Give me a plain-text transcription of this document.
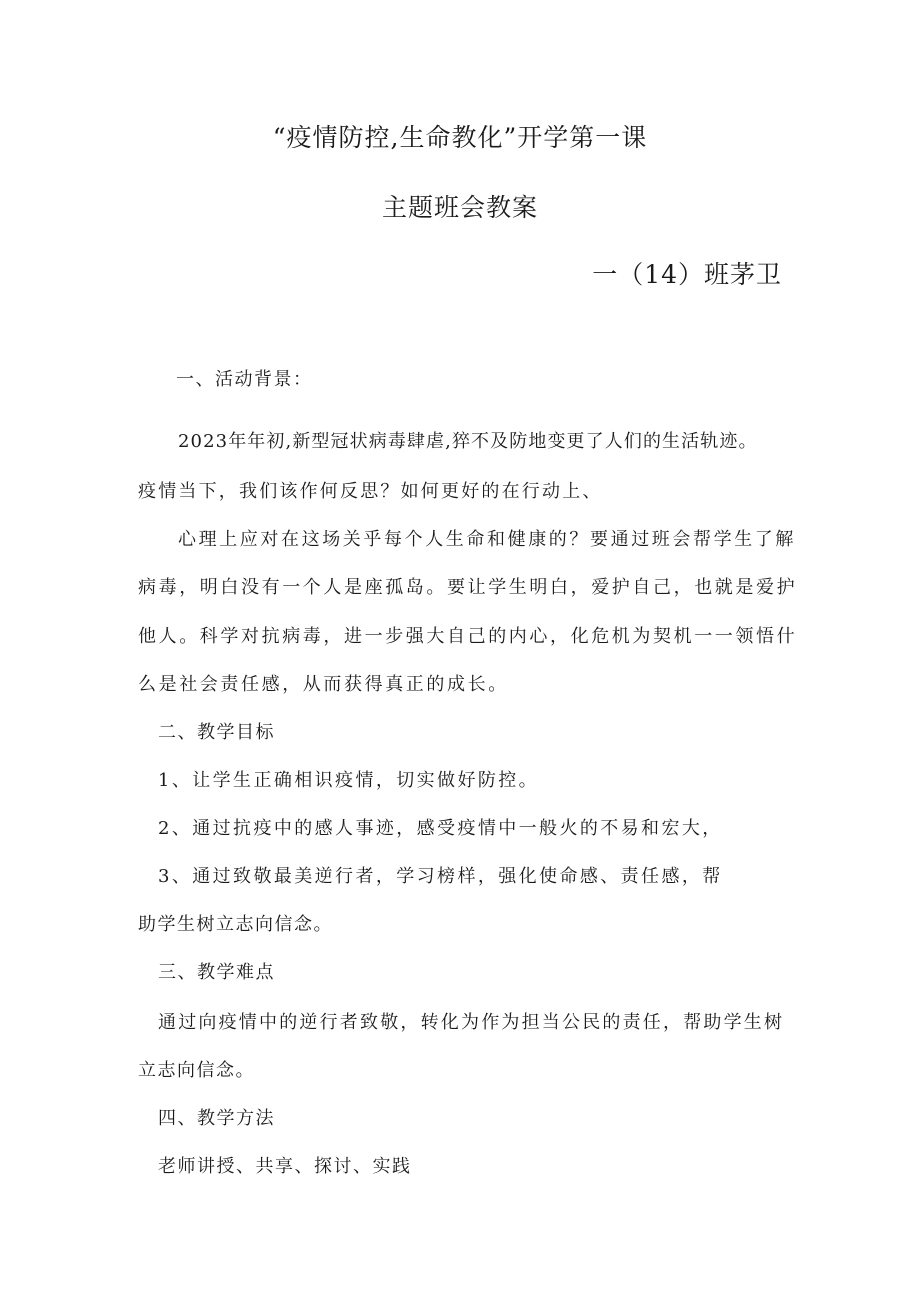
“疫情防控,生命教化”开学第一课
主题班会教案
一（14）班茅卫
一、活动背景：
2023年年初,新型冠状病毒肆虐,猝不及防地变更了人们的生活轨迹。
疫情当下，我们该作何反思？如何更好的在行动上、
心理上应对在这场关乎每个人生命和健康的？要通过班会帮学生了解
病毒，明白没有一个人是座孤岛。要让学生明白，爱护自己，也就是爱护
他人。科学对抗病毒，进一步强大自己的内心，化危机为契机一一领悟什
么是社会责任感，从而获得真正的成长。
二、教学目标
1、让学生正确相识疫情，切实做好防控。
2、通过抗疫中的感人事迹，感受疫情中一般火的不易和宏大，
3、通过致敬最美逆行者，学习榜样，强化使命感、责任感，帮
助学生树立志向信念。
三、教学难点
通过向疫情中的逆行者致敬，转化为作为担当公民的责任，帮助学生树
立志向信念。
四、教学方法
老师讲授、共享、探讨、实践
